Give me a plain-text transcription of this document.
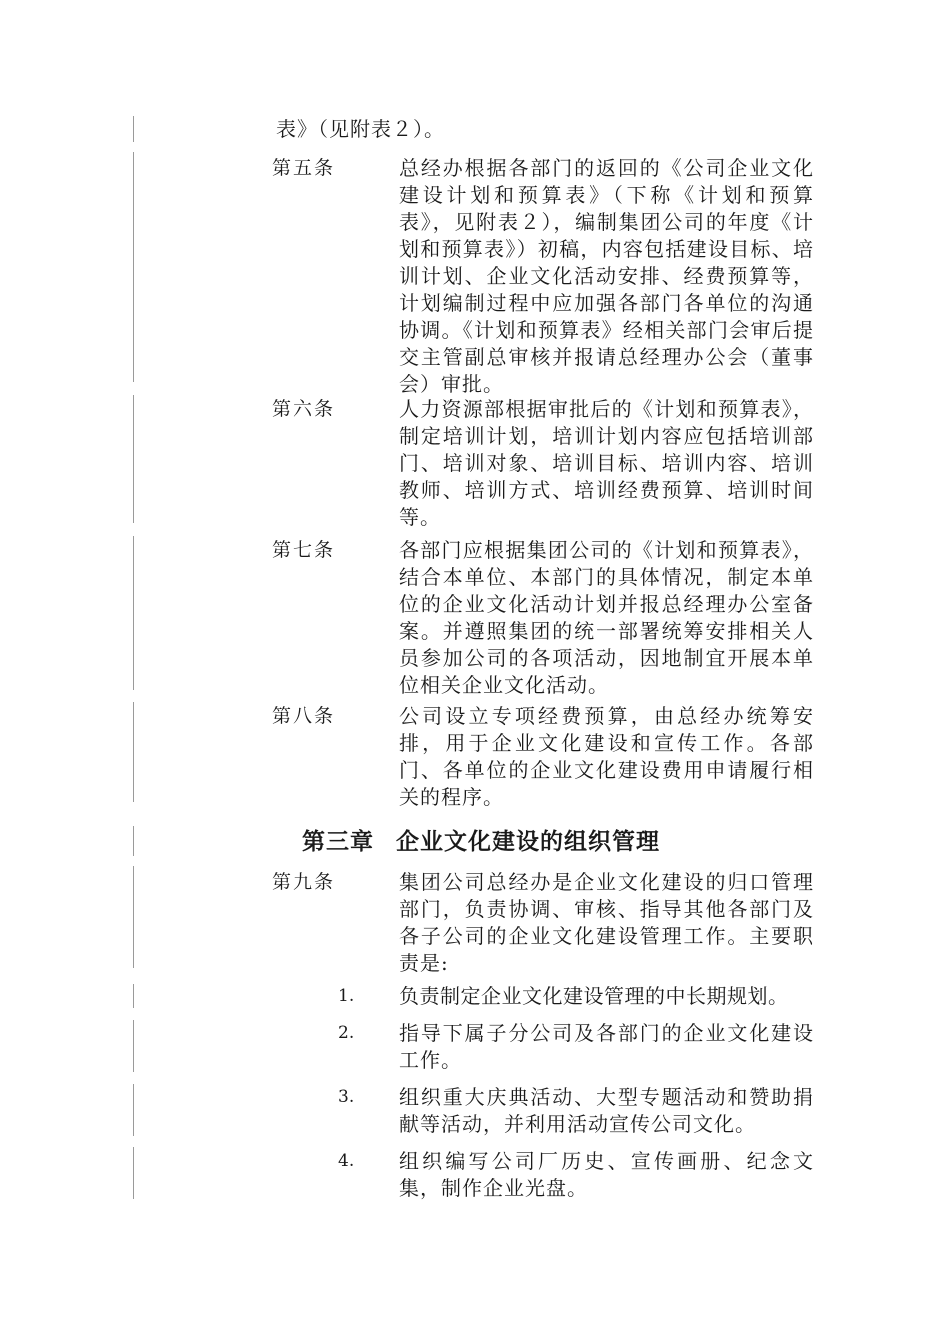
表》（见附表２）。
第五条	总经办根据各部门的返回的《公司企业文化建设计划和预算表》（下称《计划和预算表》，见附表２），编制集团公司的年度《计划和预算表》）初稿，内容包括建设目标、培训计划、企业文化活动安排、经费预算等，计划编制过程中应加强各部门各单位的沟通协调。《计划和预算表》经相关部门会审后提交主管副总审核并报请总经理办公会（董事会）审批。
第六条	人力资源部根据审批后的《计划和预算表》，制定培训计划，培训计划内容应包括培训部门、培训对象、培训目标、培训内容、培训教师、培训方式、培训经费预算、培训时间等。
第七条	各部门应根据集团公司的《计划和预算表》，结合本单位、本部门的具体情况，制定本单位的企业文化活动计划并报总经理办公室备案。并遵照集团的统一部署统筹安排相关人员参加公司的各项活动，因地制宜开展本单位相关企业文化活动。
第八条	公司设立专项经费预算，由总经办统筹安排，用于企业文化建设和宣传工作。各部门、各单位的企业文化建设费用申请履行相关的程序。
第三章 企业文化建设的组织管理
第九条	集团公司总经办是企业文化建设的归口管理部门，负责协调、审核、指导其他各部门及各子公司的企业文化建设管理工作。主要职责是:
1. 负责制定企业文化建设管理的中长期规划。
2. 指导下属子分公司及各部门的企业文化建设工作。
3. 组织重大庆典活动、大型专题活动和赞助捐献等活动，并利用活动宣传公司文化。
4. 组织编写公司厂历史、宣传画册、纪念文集，制作企业光盘。
